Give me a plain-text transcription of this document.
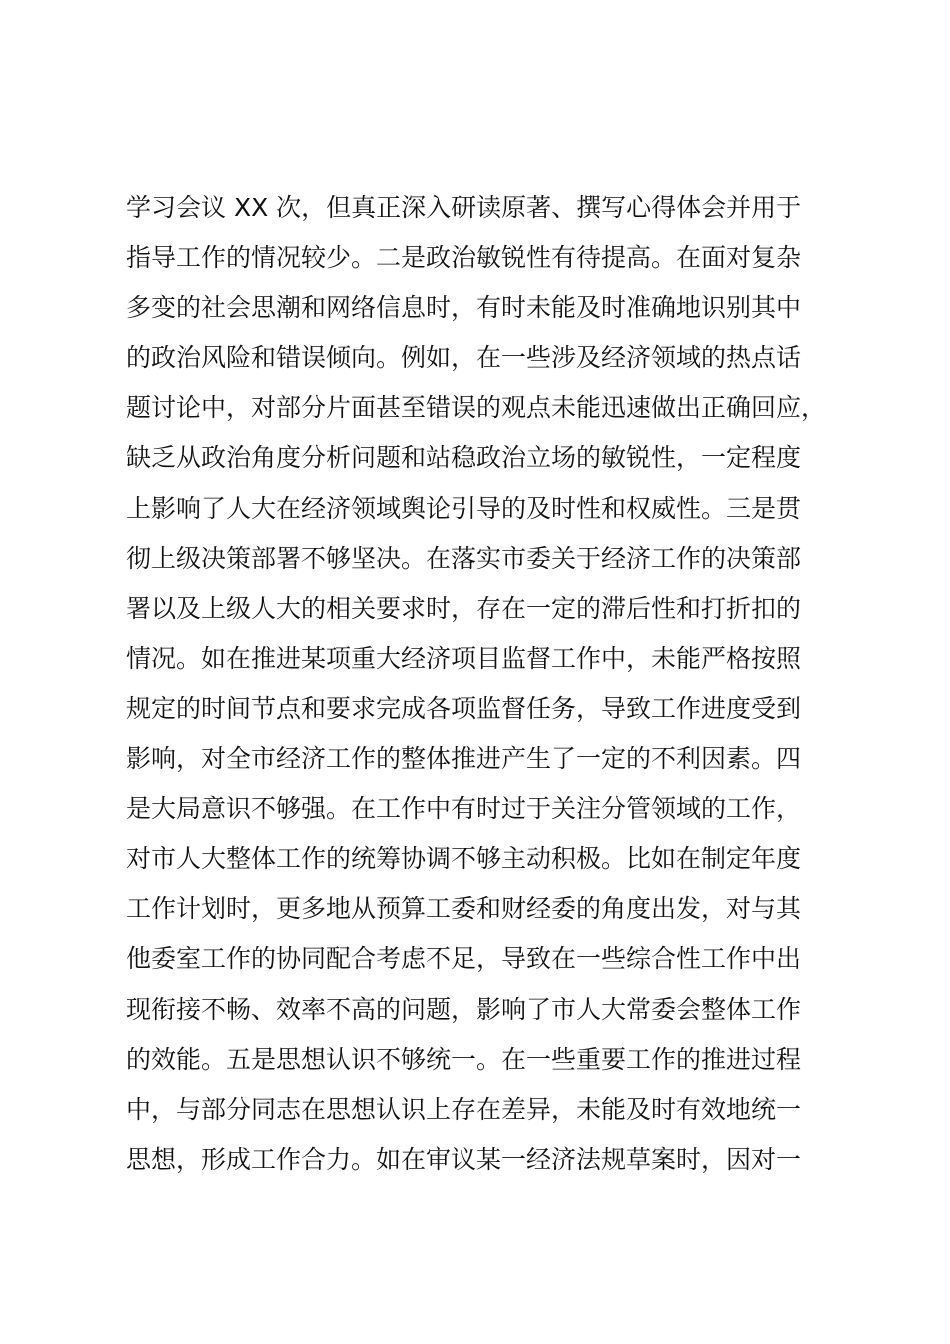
学习会议 XX 次，但真正深入研读原著、撰写心得体会并用于

指导工作的情况较少。二是政治敏锐性有待提高。在面对复杂

多变的社会思潮和网络信息时，有时未能及时准确地识别其中

的政治风险和错误倾向。例如，在一些涉及经济领域的热点话

题讨论中，对部分片面甚至错误的观点未能迅速做出正确回应，

缺乏从政治角度分析问题和站稳政治立场的敏锐性，一定程度

上影响了人大在经济领域舆论引导的及时性和权威性。三是贯

彻上级决策部署不够坚决。在落实市委关于经济工作的决策部

署以及上级人大的相关要求时，存在一定的滞后性和打折扣的

情况。如在推进某项重大经济项目监督工作中，未能严格按照

规定的时间节点和要求完成各项监督任务，导致工作进度受到

影响，对全市经济工作的整体推进产生了一定的不利因素。四

是大局意识不够强。在工作中有时过于关注分管领域的工作，

对市人大整体工作的统筹协调不够主动积极。比如在制定年度

工作计划时，更多地从预算工委和财经委的角度出发，对与其

他委室工作的协同配合考虑不足，导致在一些综合性工作中出

现衔接不畅、效率不高的问题，影响了市人大常委会整体工作

的效能。五是思想认识不够统一。在一些重要工作的推进过程

中，与部分同志在思想认识上存在差异，未能及时有效地统一

思想，形成工作合力。如在审议某一经济法规草案时，因对一
